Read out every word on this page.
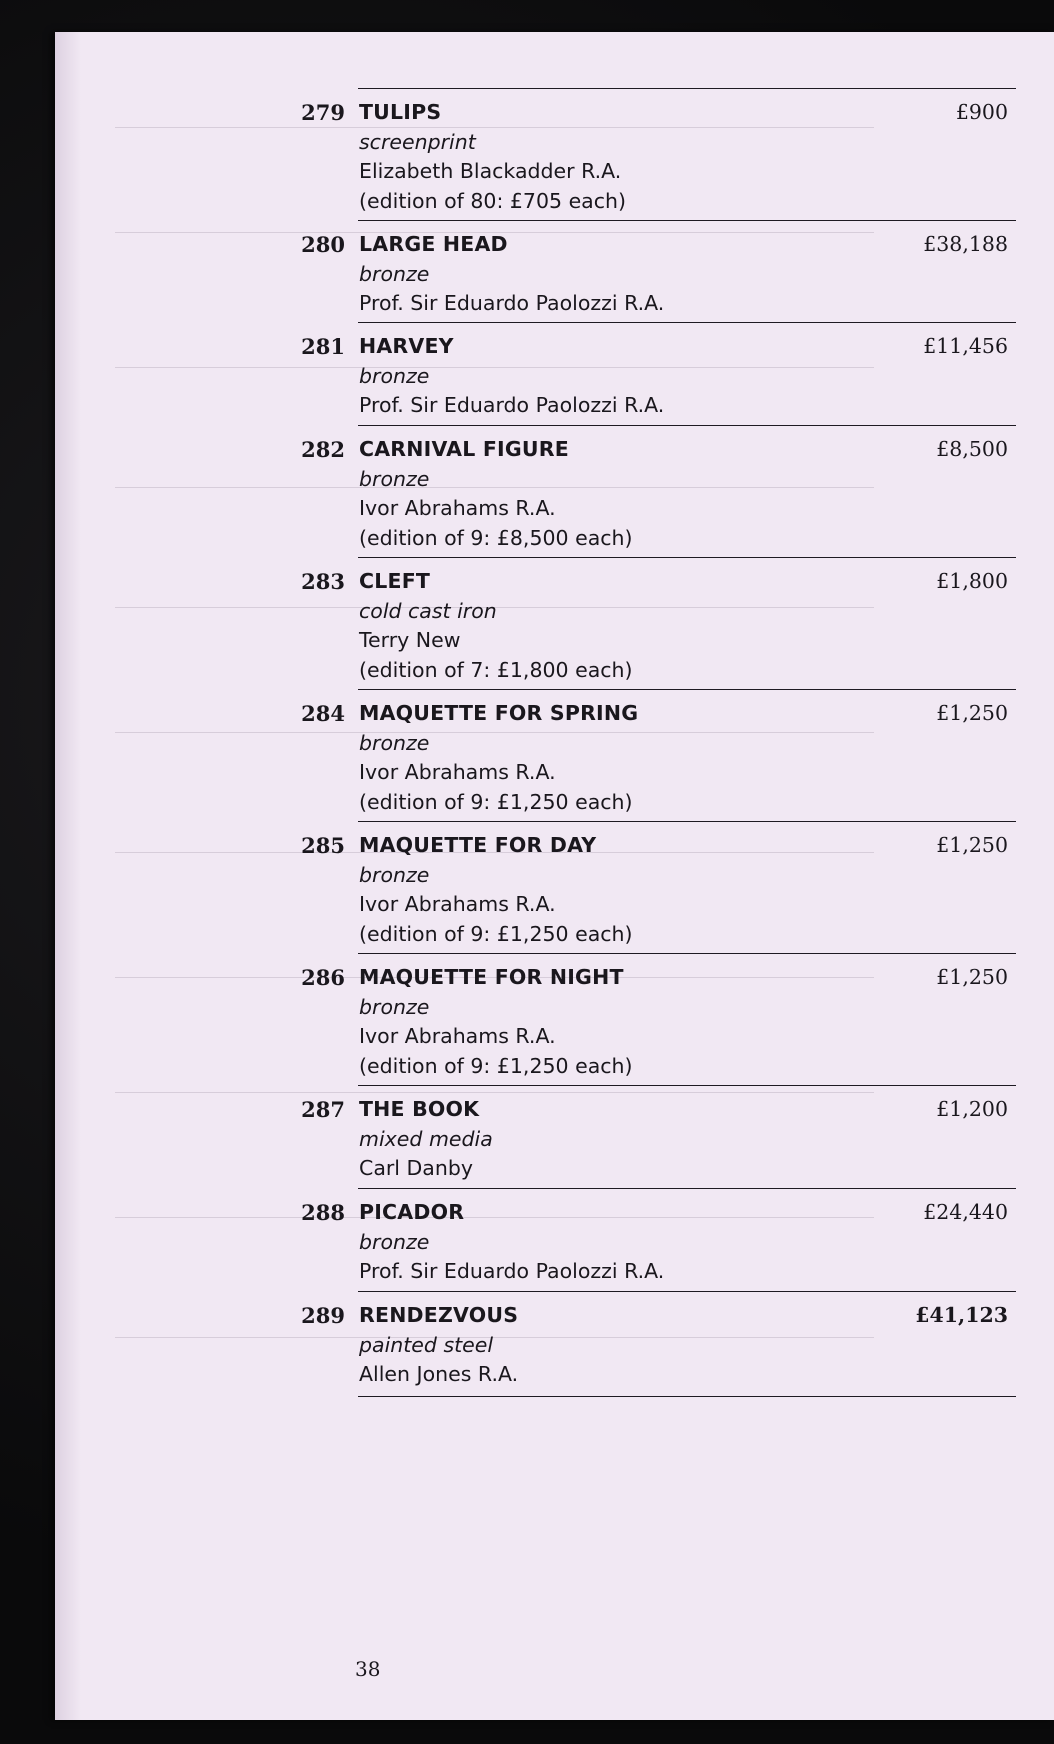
279	£900
TULIPS
screenprint
Elizabeth Blackadder R.A.
(edition of 80: £705 each)
280	£38,188
LARGE HEAD
bronze
Prof. Sir Eduardo Paolozzi R.A.
281	£11,456
HARVEY
bronze
Prof. Sir Eduardo Paolozzi R.A.
282	£8,500
CARNIVAL FIGURE
bronze
Ivor Abrahams R.A.
(edition of 9: £8,500 each)
283	£1,800
CLEFT
cold cast iron
Terry New
(edition of 7: £1,800 each)
284	£1,250
MAQUETTE FOR SPRING
bronze
Ivor Abrahams R.A.
(edition of 9: £1,250 each)
285	£1,250
MAQUETTE FOR DAY
bronze
Ivor Abrahams R.A.
(edition of 9: £1,250 each)
286	£1,250
MAQUETTE FOR NIGHT
bronze
Ivor Abrahams R.A.
(edition of 9: £1,250 each)
287	£1,200
THE BOOK
mixed media
Carl Danby
288	£24,440
PICADOR
bronze
Prof. Sir Eduardo Paolozzi R.A.
289	£41,123
RENDEZVOUS
painted steel
Allen Jones R.A.
38
